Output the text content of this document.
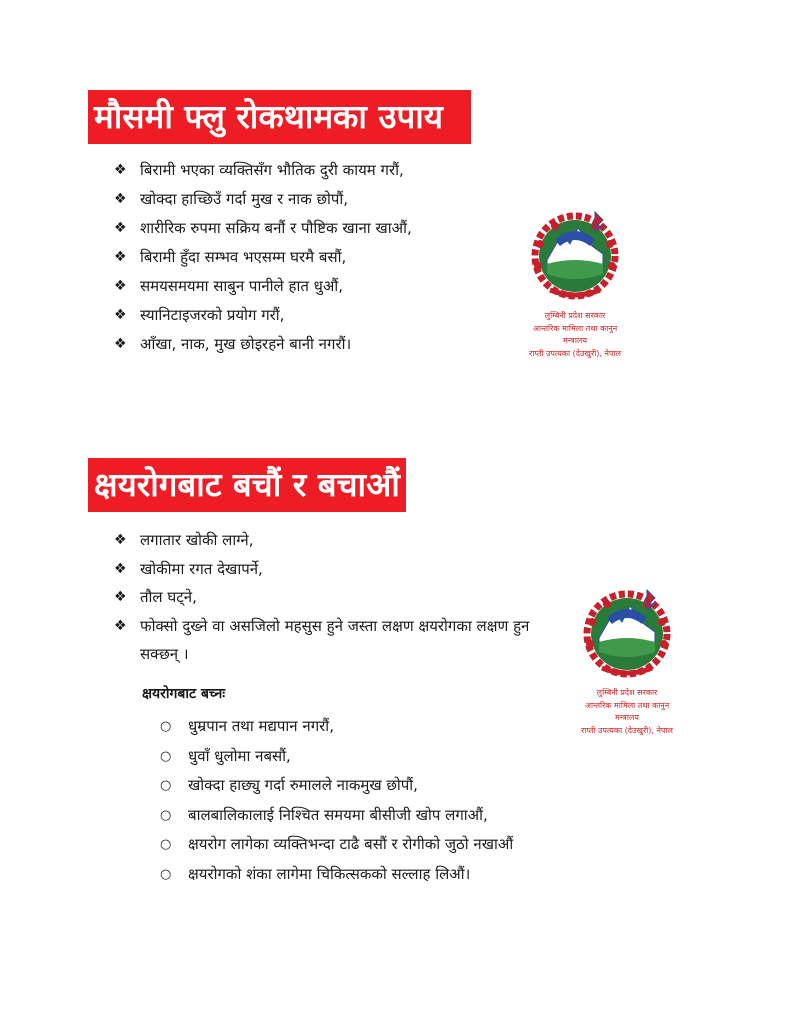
मौसमी फ्लु रोकथामका उपाय
❖ बिरामी भएका व्यक्तिसँग भौतिक दुरी कायम गरौं,
❖ खोक्दा हाच्छिउँ गर्दा मुख र नाक छोपौं,
❖ शारीरिक रुपमा सक्रिय बनौं र पौष्टिक खाना खाऔं,
❖ बिरामी हुँदा सम्भव भएसम्म घरमै बसौं,
❖ समयसमयमा साबुन पानीले हात धुऔं,
❖ स्यानिटाइजरको प्रयोग गरौं,
❖ आँखा, नाक, मुख छोइरहने बानी नगरौं।
लुम्बिनी प्रदेश सरकार
आन्तरिक मामिला तथा कानुन
मन्त्रालय
राप्ती उपत्यका (देउखुरी), नेपाल
क्षयरोगबाट बचौं र बचाऔं
❖ लगातार खोकी लाग्ने,
❖ खोकीमा रगत देखापर्ने,
❖ तौल घट्ने,
❖ फोक्सो दुख्ने वा असजिलो महसुस हुने जस्ता लक्षण क्षयरोगका लक्षण हुन सक्छन् ।
क्षयरोगबाट बच्नः
○ धुम्रपान तथा मद्यपान नगरौं,
○ धुवाँ धुलोमा नबसौं,
○ खोक्दा हाछ्यु गर्दा रुमालले नाकमुख छोपौं,
○ बालबालिकालाई निश्चित समयमा बीसीजी खोप लगाऔं,
○ क्षयरोग लागेका व्यक्तिभन्दा टाढै बसौं र रोगीको जुठो नखाऔं
○ क्षयरोगको शंका लागेमा चिकित्सकको सल्लाह लिऔं।
लुम्बिनी प्रदेश सरकार
आन्तरिक मामिला तथा कानुन
मन्त्रालय
राप्ती उपत्यका (देउखुरी), नेपाल
